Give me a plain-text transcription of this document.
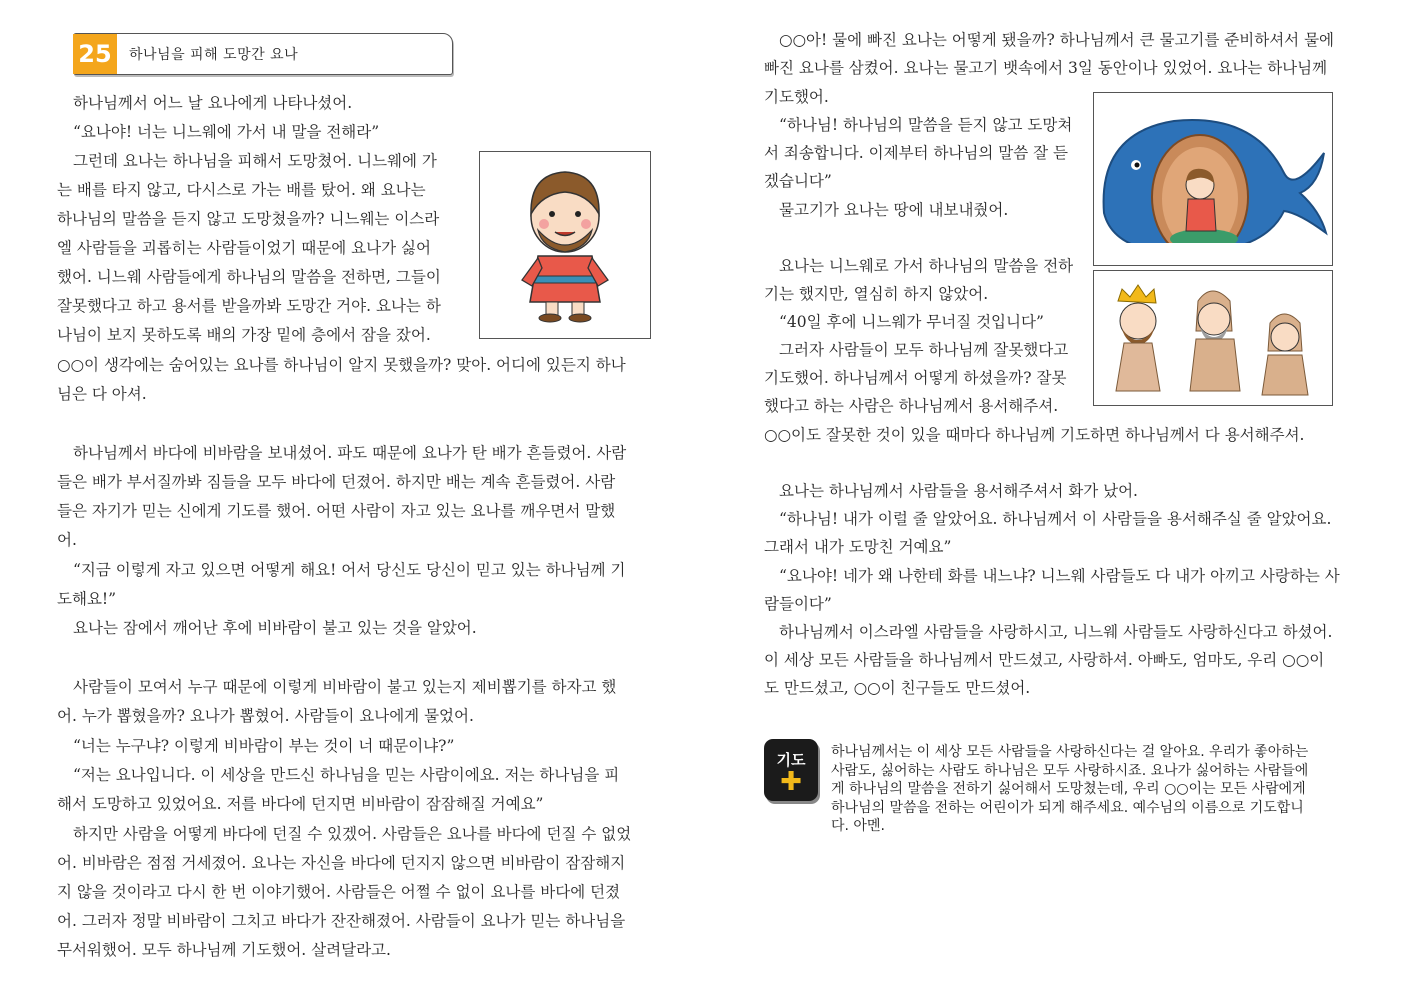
25	하나님을 피해 도망간 요나

하나님께서 어느 날 요나에게 나타나셨어.

“요나야! 너는 니느웨에 가서 내 말을 전해라”

그런데 요나는 하나님을 피해서 도망쳤어. 니느웨에 가

는 배를 타지 않고, 다시스로 가는 배를 탔어. 왜 요나는

하나님의 말씀을 듣지 않고 도망쳤을까? 니느웨는 이스라

엘 사람들을 괴롭히는 사람들이었기 때문에 요나가 싫어

했어. 니느웨 사람들에게 하나님의 말씀을 전하면, 그들이

잘못했다고 하고 용서를 받을까봐 도망간 거야. 요나는 하

나님이 보지 못하도록 배의 가장 밑에 층에서 잠을 잤어.

○○이 생각에는 숨어있는 요나를 하나님이 알지 못했을까? 맞아. 어디에 있든지 하나

님은 다 아셔.

하나님께서 바다에 비바람을 보내셨어. 파도 때문에 요나가 탄 배가 흔들렸어. 사람

들은 배가 부서질까봐 짐들을 모두 바다에 던졌어. 하지만 배는 계속 흔들렸어. 사람

들은 자기가 믿는 신에게 기도를 했어. 어떤 사람이 자고 있는 요나를 깨우면서 말했

어.

“지금 이렇게 자고 있으면 어떻게 해요! 어서 당신도 당신이 믿고 있는 하나님께 기

도해요!”

요나는 잠에서 깨어난 후에 비바람이 불고 있는 것을 알았어.

사람들이 모여서 누구 때문에 이렇게 비바람이 불고 있는지 제비뽑기를 하자고 했

어. 누가 뽑혔을까? 요나가 뽑혔어. 사람들이 요나에게 물었어.

“너는 누구냐? 이렇게 비바람이 부는 것이 너 때문이냐?”

“저는 요나입니다. 이 세상을 만드신 하나님을 믿는 사람이에요. 저는 하나님을 피

해서 도망하고 있었어요. 저를 바다에 던지면 비바람이 잠잠해질 거예요”

하지만 사람을 어떻게 바다에 던질 수 있겠어. 사람들은 요나를 바다에 던질 수 없었

어. 비바람은 점점 거세졌어. 요나는 자신을 바다에 던지지 않으면 비바람이 잠잠해지

지 않을 것이라고 다시 한 번 이야기했어. 사람들은 어쩔 수 없이 요나를 바다에 던졌

어. 그러자 정말 비바람이 그치고 바다가 잔잔해졌어. 사람들이 요나가 믿는 하나님을

무서워했어. 모두 하나님께 기도했어. 살려달라고.

○○아! 물에 빠진 요나는 어떻게 됐을까? 하나님께서 큰 물고기를 준비하셔서 물에

빠진 요나를 삼켰어. 요나는 물고기 뱃속에서 3일 동안이나 있었어. 요나는 하나님께

기도했어.

“하나님! 하나님의 말씀을 듣지 않고 도망쳐

서 죄송합니다. 이제부터 하나님의 말씀 잘 듣

겠습니다”

물고기가 요나는 땅에 내보내줬어.

요나는 니느웨로 가서 하나님의 말씀을 전하

기는 했지만, 열심히 하지 않았어.

“40일 후에 니느웨가 무너질 것입니다”

그러자 사람들이 모두 하나님께 잘못했다고

기도했어. 하나님께서 어떻게 하셨을까? 잘못

했다고 하는 사람은 하나님께서 용서해주셔.

○○이도 잘못한 것이 있을 때마다 하나님께 기도하면 하나님께서 다 용서해주셔.

요나는 하나님께서 사람들을 용서해주셔서 화가 났어.

“하나님! 내가 이럴 줄 알았어요. 하나님께서 이 사람들을 용서해주실 줄 알았어요.

그래서 내가 도망친 거예요”

“요나야! 네가 왜 나한테 화를 내느냐? 니느웨 사람들도 다 내가 아끼고 사랑하는 사

람들이다”

하나님께서 이스라엘 사람들을 사랑하시고, 니느웨 사람들도 사랑하신다고 하셨어.

이 세상 모든 사람들을 하나님께서 만드셨고, 사랑하셔. 아빠도, 엄마도, 우리 ○○이

도 만드셨고, ○○이 친구들도 만드셨어.

기도
✚

하나님께서는 이 세상 모든 사람들을 사랑하신다는 걸 알아요. 우리가 좋아하는

사람도, 싫어하는 사람도 하나님은 모두 사랑하시죠. 요나가 싫어하는 사람들에

게 하나님의 말씀을 전하기 싫어해서 도망쳤는데, 우리 ○○이는 모든 사람에게

하나님의 말씀을 전하는 어린이가 되게 해주세요. 예수님의 이름으로 기도합니

다. 아멘.
